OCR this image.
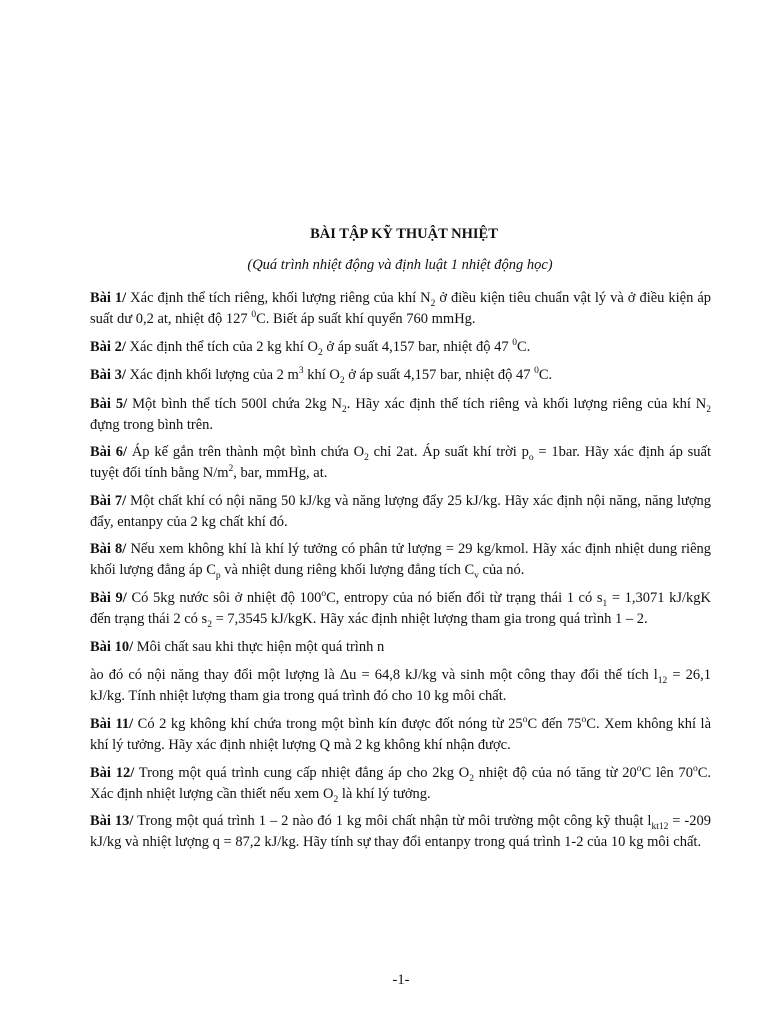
BÀI TẬP KỸ THUẬT NHIỆT
(Quá trình nhiệt động và định luật 1 nhiệt động học)
Bài 1/ Xác định thể tích riêng, khối lượng riêng của khí $N_2$ ở điều kiện tiêu chuẩn vật lý và ở điều kiện áp suất dư 0,2 at, nhiệt độ 127 $^0$C. Biết áp suất khí quyển 760 mmHg.
Bài 2/ Xác định thể tích của 2 kg khí $O_2$ ở áp suất 4,157 bar, nhiệt độ 47 $^0$C.
Bài 3/ Xác định khối lượng của 2 $m^3$ khí $O_2$ ở áp suất 4,157 bar, nhiệt độ 47 $^0$C.
Bài 5/ Một bình thể tích 500l chứa 2kg $N_2$. Hãy xác định thể tích riêng và khối lượng riêng của khí $N_2$ đựng trong bình trên.
Bài 6/ Áp kế gắn trên thành một bình chứa $O_2$ chỉ 2at. Áp suất khí trời $p_o = 1bar$. Hãy xác định áp suất tuyệt đối tính bằng $N/m^2$, bar, mmHg, at.
Bài 7/ Một chất khí có nội năng 50 kJ/kg và năng lượng đẩy 25 kJ/kg. Hãy xác định nội năng, năng lượng đẩy, entanpy của 2 kg chất khí đó.
Bài 8/ Nếu xem không khí là khí lý tưởng có phân tử lượng = 29 kg/kmol. Hãy xác định nhiệt dung riêng khối lượng đẳng áp $C_p$ và nhiệt dung riêng khối lượng đẳng tích $C_v$ của nó.
Bài 9/ Có 5kg nước sôi ở nhiệt độ 100$^o$C, entropy của nó biến đổi từ trạng thái 1 có $s_1 = 1,3071$ kJ/kgK đến trạng thái 2 có $s_2 = 7,3545$ kJ/kgK. Hãy xác định nhiệt lượng tham gia trong quá trình 1 – 2.
Bài 10/ Môi chất sau khi thực hiện một quá trình n
ào đó có nội năng thay đổi một lượng là Δu = 64,8 kJ/kg và sinh một công thay đổi thể tích $l_{12} = 26,1$ kJ/kg. Tính nhiệt lượng tham gia trong quá trình đó cho 10 kg môi chất.
Bài 11/ Có 2 kg không khí chứa trong một bình kín được đốt nóng từ 25$^o$C đến 75$^o$C. Xem không khí là khí lý tưởng. Hãy xác định nhiệt lượng Q mà 2 kg không khí nhận được.
Bài 12/ Trong một quá trình cung cấp nhiệt đẳng áp cho 2kg $O_2$ nhiệt độ của nó tăng từ 20$^o$C lên 70$^o$C. Xác định nhiệt lượng cần thiết nếu xem $O_2$ là khí lý tưởng.
Bài 13/ Trong một quá trình 1 – 2 nào đó 1 kg môi chất nhận từ môi trường một công kỹ thuật $l_{kt12} = -209$ kJ/kg và nhiệt lượng q = 87,2 kJ/kg. Hãy tính sự thay đổi entanpy trong quá trình 1-2 của 10 kg môi chất.
-1-
